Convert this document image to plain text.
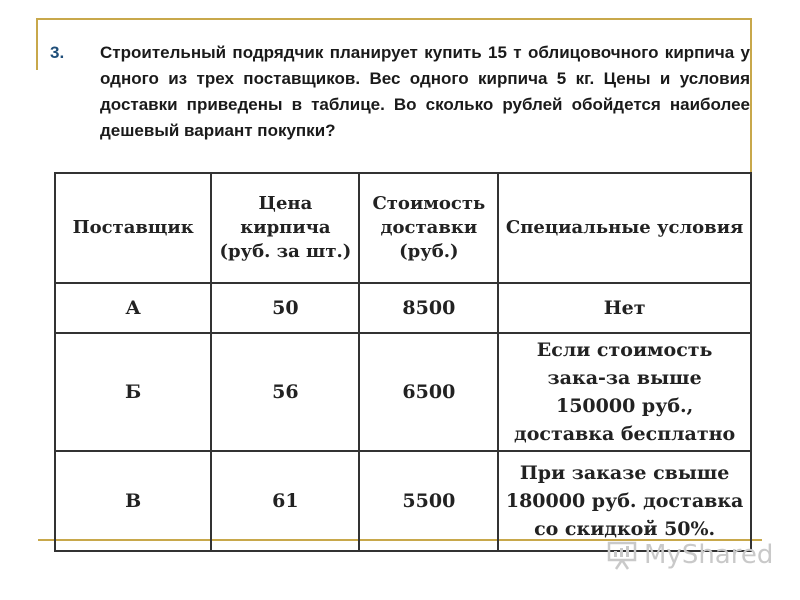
3. Строительный подрядчик планирует купить 15 т облицовочного кирпича у одного из трех поставщиков. Вес одного кирпича 5 кг. Цены и условия доставки приведены в таблице. Во сколько рублей обойдется наиболее дешевый вариант покупки?
Поставщик	Цена кирпича (руб. за шт.)	Стоимость доставки (руб.)	Специальные условия
А	50	8500	Нет
Б	56	6500	Если стоимость зака-за выше 150000 руб., доставка бесплатно
В	61	5500	При заказе свыше 180000 руб. доставка со скидкой 50%.
MyShared
